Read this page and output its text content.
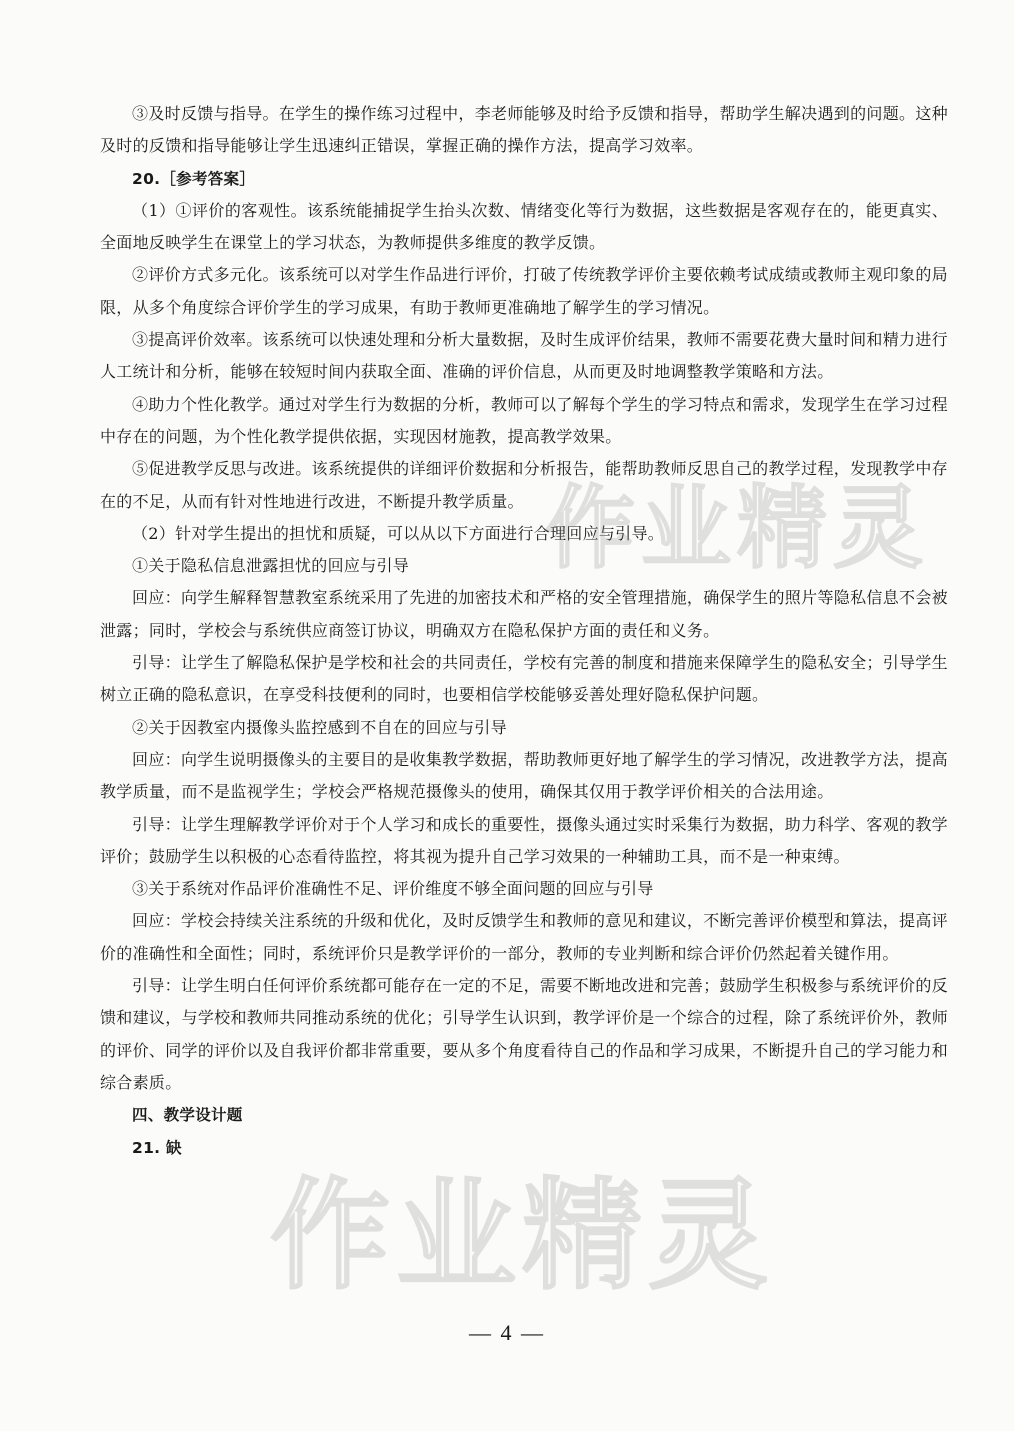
③及时反馈与指导。在学生的操作练习过程中，李老师能够及时给予反馈和指导，帮助学生解决遇到的问题。这种及时的反馈和指导能够让学生迅速纠正错误，掌握正确的操作方法，提高学习效率。

20.［参考答案］

（1）①评价的客观性。该系统能捕捉学生抬头次数、情绪变化等行为数据，这些数据是客观存在的，能更真实、全面地反映学生在课堂上的学习状态，为教师提供多维度的教学反馈。

②评价方式多元化。该系统可以对学生作品进行评价，打破了传统教学评价主要依赖考试成绩或教师主观印象的局限，从多个角度综合评价学生的学习成果，有助于教师更准确地了解学生的学习情况。

③提高评价效率。该系统可以快速处理和分析大量数据，及时生成评价结果，教师不需要花费大量时间和精力进行人工统计和分析，能够在较短时间内获取全面、准确的评价信息，从而更及时地调整教学策略和方法。

④助力个性化教学。通过对学生行为数据的分析，教师可以了解每个学生的学习特点和需求，发现学生在学习过程中存在的问题，为个性化教学提供依据，实现因材施教，提高教学效果。

⑤促进教学反思与改进。该系统提供的详细评价数据和分析报告，能帮助教师反思自己的教学过程，发现教学中存在的不足，从而有针对性地进行改进，不断提升教学质量。

（2）针对学生提出的担忧和质疑，可以从以下方面进行合理回应与引导。

①关于隐私信息泄露担忧的回应与引导

回应：向学生解释智慧教室系统采用了先进的加密技术和严格的安全管理措施，确保学生的照片等隐私信息不会被泄露；同时，学校会与系统供应商签订协议，明确双方在隐私保护方面的责任和义务。

引导：让学生了解隐私保护是学校和社会的共同责任，学校有完善的制度和措施来保障学生的隐私安全；引导学生树立正确的隐私意识，在享受科技便利的同时，也要相信学校能够妥善处理好隐私保护问题。

②关于因教室内摄像头监控感到不自在的回应与引导

回应：向学生说明摄像头的主要目的是收集教学数据，帮助教师更好地了解学生的学习情况，改进教学方法，提高教学质量，而不是监视学生；学校会严格规范摄像头的使用，确保其仅用于教学评价相关的合法用途。

引导：让学生理解教学评价对于个人学习和成长的重要性，摄像头通过实时采集行为数据，助力科学、客观的教学评价；鼓励学生以积极的心态看待监控，将其视为提升自己学习效果的一种辅助工具，而不是一种束缚。

③关于系统对作品评价准确性不足、评价维度不够全面问题的回应与引导

回应：学校会持续关注系统的升级和优化，及时反馈学生和教师的意见和建议，不断完善评价模型和算法，提高评价的准确性和全面性；同时，系统评价只是教学评价的一部分，教师的专业判断和综合评价仍然起着关键作用。

引导：让学生明白任何评价系统都可能存在一定的不足，需要不断地改进和完善；鼓励学生积极参与系统评价的反馈和建议，与学校和教师共同推动系统的优化；引导学生认识到，教学评价是一个综合的过程，除了系统评价外，教师的评价、同学的评价以及自我评价都非常重要，要从多个角度看待自己的作品和学习成果，不断提升自己的学习能力和综合素质。

四、教学设计题

21. 缺

作业精灵
作业精灵
— 4 —
